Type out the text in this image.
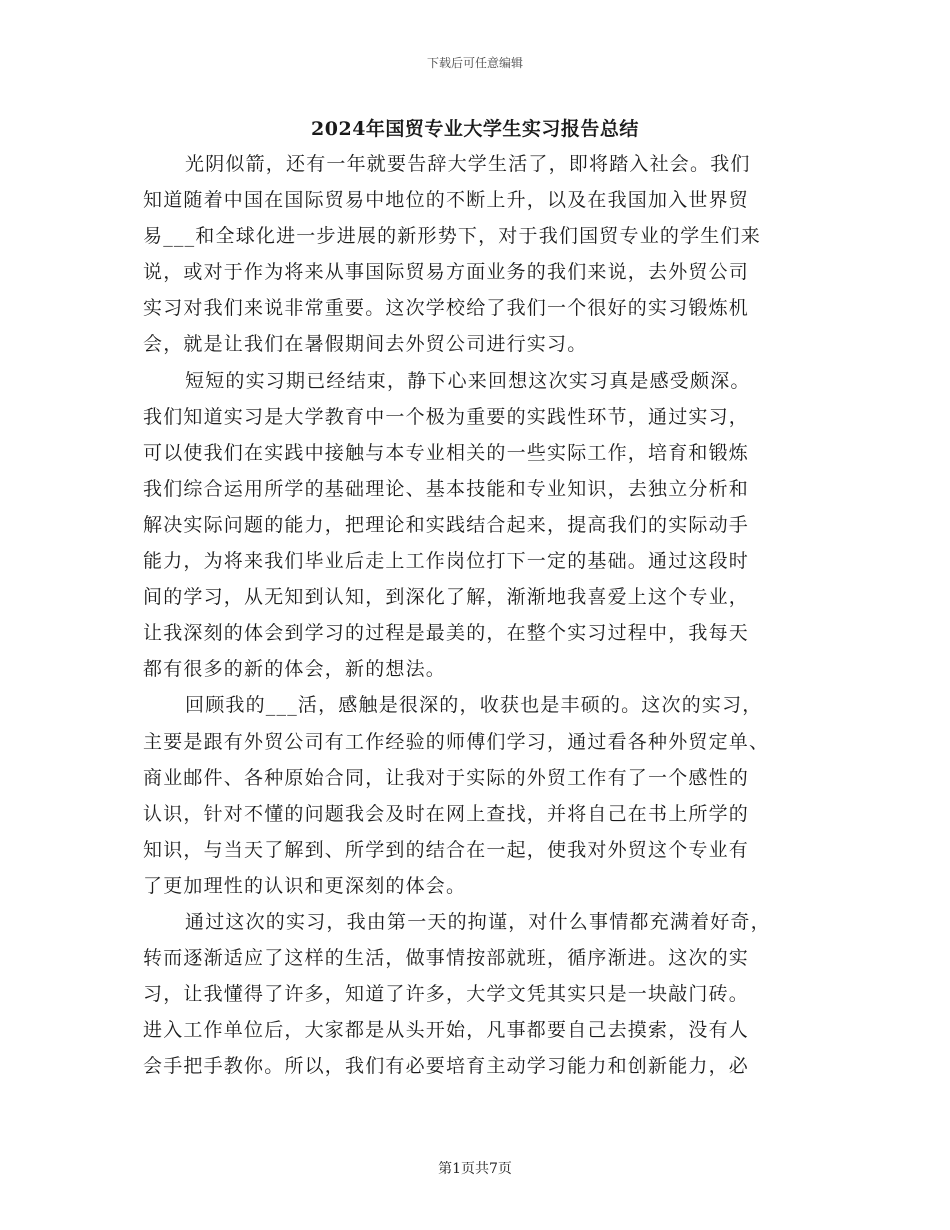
下载后可任意编辑
2024年国贸专业大学生实习报告总结
光阴似箭，还有一年就要告辞大学生活了，即将踏入社会。我们
知道随着中国在国际贸易中地位的不断上升，以及在我国加入世界贸
易___和全球化进一步进展的新形势下，对于我们国贸专业的学生们来
说，或对于作为将来从事国际贸易方面业务的我们来说，去外贸公司
实习对我们来说非常重要。这次学校给了我们一个很好的实习锻炼机
会，就是让我们在暑假期间去外贸公司进行实习。
短短的实习期已经结束，静下心来回想这次实习真是感受颇深。
我们知道实习是大学教育中一个极为重要的实践性环节，通过实习，
可以使我们在实践中接触与本专业相关的一些实际工作，培育和锻炼
我们综合运用所学的基础理论、基本技能和专业知识，去独立分析和
解决实际问题的能力，把理论和实践结合起来，提高我们的实际动手
能力，为将来我们毕业后走上工作岗位打下一定的基础。通过这段时
间的学习，从无知到认知，到深化了解，渐渐地我喜爱上这个专业，
让我深刻的体会到学习的过程是最美的，在整个实习过程中，我每天
都有很多的新的体会，新的想法。
回顾我的___活，感触是很深的，收获也是丰硕的。这次的实习，
主要是跟有外贸公司有工作经验的师傅们学习，通过看各种外贸定单、
商业邮件、各种原始合同，让我对于实际的外贸工作有了一个感性的
认识，针对不懂的问题我会及时在网上查找，并将自己在书上所学的
知识，与当天了解到、所学到的结合在一起，使我对外贸这个专业有
了更加理性的认识和更深刻的体会。
通过这次的实习，我由第一天的拘谨，对什么事情都充满着好奇，
转而逐渐适应了这样的生活，做事情按部就班，循序渐进。这次的实
习，让我懂得了许多，知道了许多，大学文凭其实只是一块敲门砖。
进入工作单位后，大家都是从头开始，凡事都要自己去摸索，没有人
会手把手教你。所以，我们有必要培育主动学习能力和创新能力，必
第1页共7页
